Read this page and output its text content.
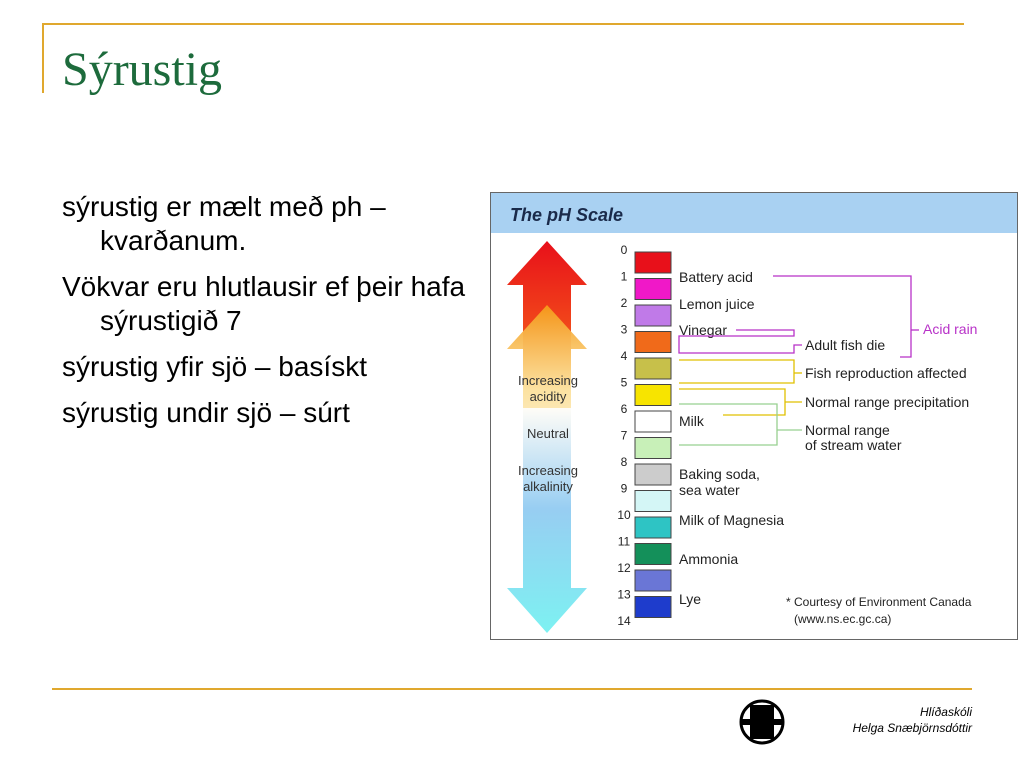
Sýrustig
sýrustig er mælt með ph – kvarðanum.
Vökvar eru hlutlausir ef þeir hafa sýrustigið 7
sýrustig yfir sjö – basískt
sýrustig undir sjö – súrt
The pH Scale
Increasing
acidity
Neutral
Increasing
alkalinity
0
1
2
3
4
5
6
7
8
9
10
11
12
13
14
Battery acid
Lemon juice
Vinegar
Milk
Baking soda,
sea water
Milk of Magnesia
Ammonia
Lye
Acid rain
Adult fish die
Fish reproduction affected
Normal range precipitation
Normal range
of stream water
* Courtesy of Environment Canada
(www.ns.ec.gc.ca)
Hlíðaskóli
Helga Snæbjörnsdóttir
